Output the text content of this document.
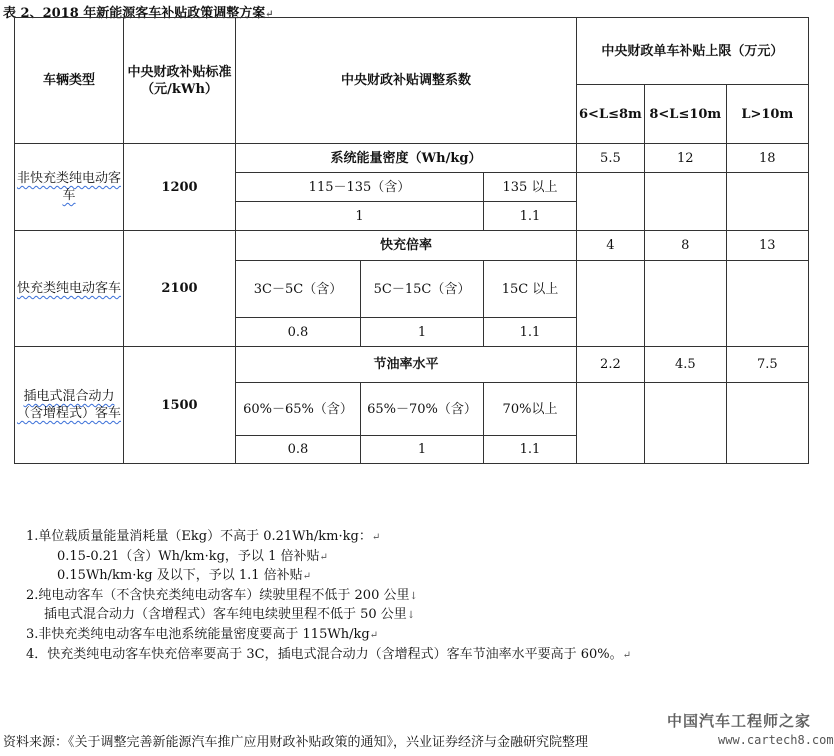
表 2、2018 年新能源客车补贴政策调整方案↵
车辆类型	中央财政补贴标准（元/kWh）	中央财政补贴调整系数			中央财政单车补贴上限（万元）		
					6<L≤8m	8<L≤10m	L>10m
非快充类纯电动客车	1200	系统能量密度（Wh/kg）			5.5	12	18
		115－135（含）		135 以上			
		1		1.1			
快充类纯电动客车	2100	快充倍率			4	8	13
		3C－5C（含）	5C－15C（含）	15C 以上			
		0.8	1	1.1			
插电式混合动力（含增程式）客车	1500	节油率水平			2.2	4.5	7.5
		60%－65%（含）	65%－70%（含）	70%以上			
		0.8	1	1.1			
1.单位载质量能量消耗量（Ekg）不高于 0.21Wh/km·kg：↵
0.15-0.21（含）Wh/km·kg，予以 1 倍补贴↵
0.15Wh/km·kg 及以下，予以 1.1 倍补贴↵
2.纯电动客车（不含快充类纯电动客车）续驶里程不低于 200 公里↓
插电式混合动力（含增程式）客车纯电续驶里程不低于 50 公里↓
3.非快充类纯电动客车电池系统能量密度要高于 115Wh/kg↵
4．快充类纯电动客车快充倍率要高于 3C，插电式混合动力（含增程式）客车节油率水平要高于 60%。↵
中国汽车工程师之家
资料来源：《关于调整完善新能源汽车推广应用财政补贴政策的通知》，兴业证券经济与金融研究院整理	www.cartech8.com
